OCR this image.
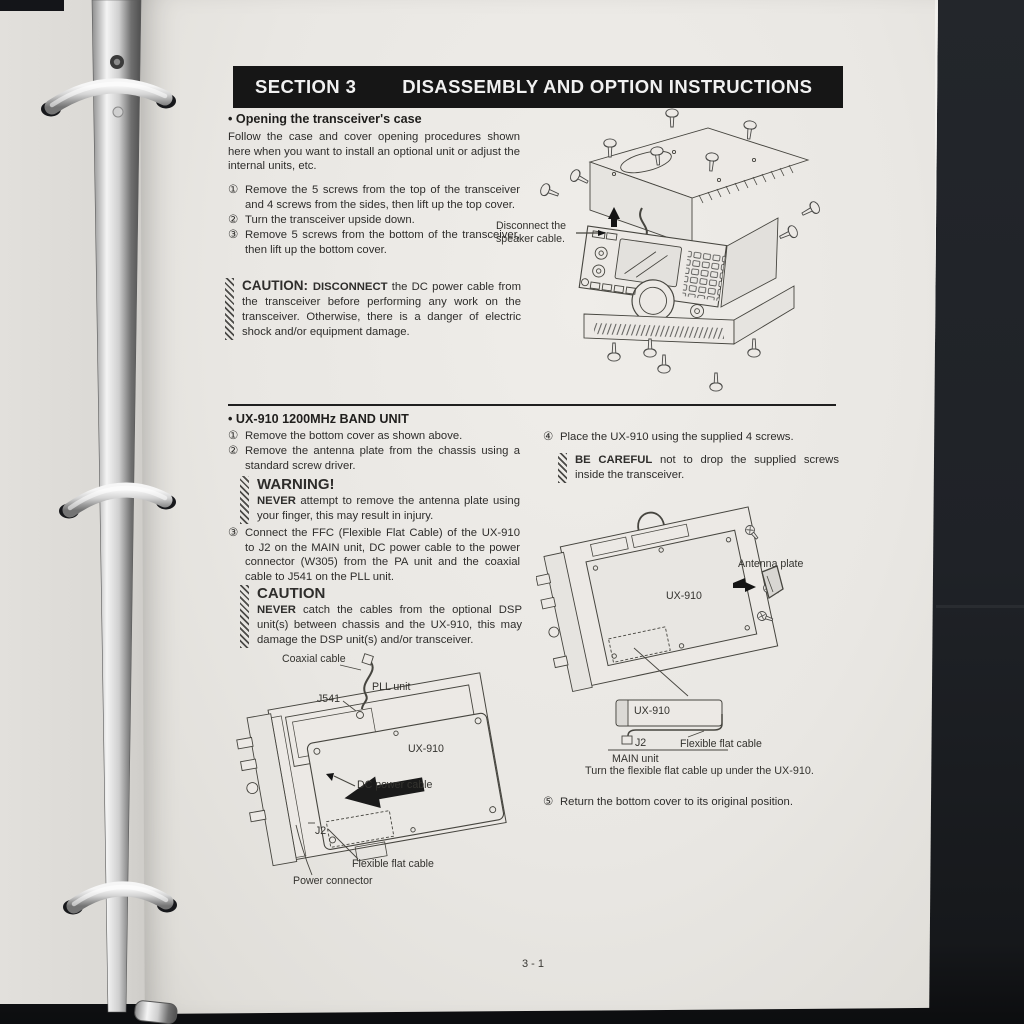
SECTION 3 DISASSEMBLY AND OPTION INSTRUCTIONS
• Opening the transceiver's case
Follow the case and cover opening procedures shown here when you want to install an optional unit or adjust the internal units, etc.
① Remove the 5 screws from the top of the transceiver and 4 screws from the sides, then lift up the top cover.
② Turn the transceiver upside down.
③ Remove 5 screws from the bottom of the transceiver, then lift up the bottom cover.
CAUTION: DISCONNECT the DC power cable from the transceiver before performing any work on the transceiver. Otherwise, there is a danger of electric shock and/or equipment damage.
Disconnect the speaker cable.
• UX-910 1200MHz BAND UNIT
① Remove the bottom cover as shown above.
② Remove the antenna plate from the chassis using a standard screw driver.
WARNING!
NEVER attempt to remove the antenna plate using your finger, this may result in injury.
③ Connect the FFC (Flexible Flat Cable) of the UX-910 to J2 on the MAIN unit, DC power cable to the power connector (W305) from the PA unit and the coaxial cable to J541 on the PLL unit.
CAUTION
NEVER catch the cables from the optional DSP unit(s) between chassis and the UX-910, this may damage the DSP unit(s) and/or transceiver.
Coaxial cable
PLL unit
J541
UX-910
DC power cable
J2
Flexible flat cable
Power connector
④ Place the UX-910 using the supplied 4 screws.
BE CAREFUL not to drop the supplied screws inside the transceiver.
Antenna plate
UX-910
UX-910
J2	Flexible flat cable
MAIN unit
Turn the flexible flat cable up under the UX-910.
⑤ Return the bottom cover to its original position.
3 - 1
